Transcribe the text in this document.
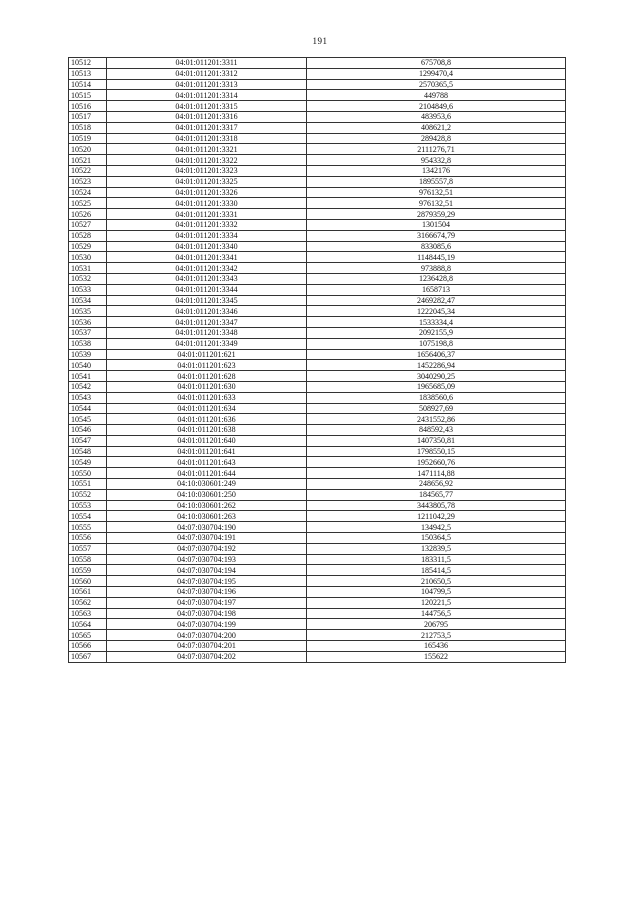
191
10512	04:01:011201:3311	675708,8
10513	04:01:011201:3312	1299470,4
10514	04:01:011201:3313	2570365,5
10515	04:01:011201:3314	449788
10516	04:01:011201:3315	2104849,6
10517	04:01:011201:3316	483953,6
10518	04:01:011201:3317	408621,2
10519	04:01:011201:3318	289428,8
10520	04:01:011201:3321	2111276,71
10521	04:01:011201:3322	954332,8
10522	04:01:011201:3323	1342176
10523	04:01:011201:3325	1895557,8
10524	04:01:011201:3326	976132,51
10525	04:01:011201:3330	976132,51
10526	04:01:011201:3331	2879359,29
10527	04:01:011201:3332	1301504
10528	04:01:011201:3334	3166674,79
10529	04:01:011201:3340	833085,6
10530	04:01:011201:3341	1148445,19
10531	04:01:011201:3342	973888,8
10532	04:01:011201:3343	1236428,8
10533	04:01:011201:3344	1658713
10534	04:01:011201:3345	2469282,47
10535	04:01:011201:3346	1222045,34
10536	04:01:011201:3347	1533334,4
10537	04:01:011201:3348	2092155,9
10538	04:01:011201:3349	1075198,8
10539	04:01:011201:621	1656406,37
10540	04:01:011201:623	1452286,94
10541	04:01:011201:628	3040290,25
10542	04:01:011201:630	1965685,09
10543	04:01:011201:633	1838560,6
10544	04:01:011201:634	508927,69
10545	04:01:011201:636	2431552,86
10546	04:01:011201:638	848592,43
10547	04:01:011201:640	1407350,81
10548	04:01:011201:641	1798550,15
10549	04:01:011201:643	1952660,76
10550	04:01:011201:644	1471114,88
10551	04:10:030601:249	248656,92
10552	04:10:030601:250	184565,77
10553	04:10:030601:262	3443805,78
10554	04:10:030601:263	1211042,29
10555	04:07:030704:190	134942,5
10556	04:07:030704:191	150364,5
10557	04:07:030704:192	132839,5
10558	04:07:030704:193	183311,5
10559	04:07:030704:194	185414,5
10560	04:07:030704:195	210650,5
10561	04:07:030704:196	104799,5
10562	04:07:030704:197	120221,5
10563	04:07:030704:198	144756,5
10564	04:07:030704:199	206795
10565	04:07:030704:200	212753,5
10566	04:07:030704:201	165436
10567	04:07:030704:202	155622
